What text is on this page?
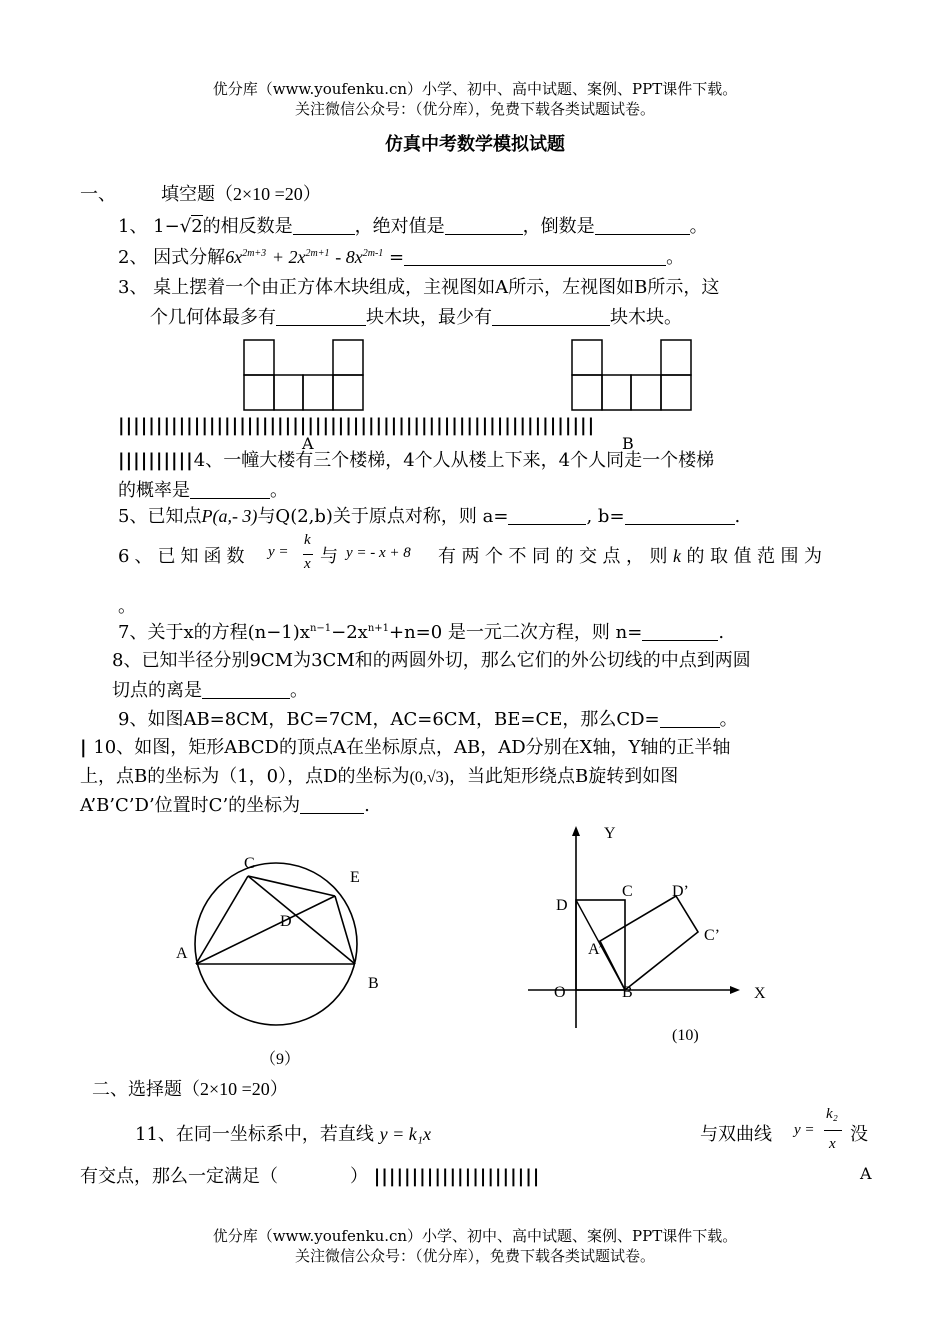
优分库（www.youfenku.cn）小学、初中、高中试题、案例、PPT课件下载。
关注微信公众号：（优分库），免费下载各类试题试卷。
仿真中考数学模拟试题
一、	填空题（2×10 =20）
1、 1−√2的相反数是	，绝对值是	，倒数是	。
2、 因式分解$6x^{2m+3} + 2x^{2m+1} - 8x^{2m-1}$ =	。
3、 桌上摆着一个由正方体木块组成，主视图如A所示，左视图如B所示，这
个几何体最多有	块木块，最少有	块木块。
A	B
|||||||||||||||||||||||||||||||||||||||||||||||||||||||||||||||
||||||||||4、一幢大楼有三个楼梯，4个人从楼上下来，4个人同走一个楼梯
的概率是	。
5、已知点P(a,- 3)与Q(2,b)关于原点对称，则 a=	, b=	.
6、已知函数 y =
k
x 与 y = - x + 8 有两个不同的交点，则k的取值范围为
。
7、关于x的方程$(n-1)x^{n-1}-2x^{n+1}+n=0$ 是一元二次方程，则 n=	.
8、已知半径分别9CM为3CM和的两圆外切，那么它们的外公切线的中点到两圆
切点的离是	。
9、如图AB=8CM，BC=7CM，AC=6CM，BE=CE，那么CD=	。
| 10、如图，矩形ABCD的顶点A在坐标原点，AB，AD分别在X轴，Y轴的正半轴
上，点B的坐标为（1，0），点D的坐标为(0,√3)，当此矩形绕点B旋转到如图
A’B’C’D’位置时C’的坐标为	.
C
E
D
A
B
（9）
Y
X
O	B
D
C D’
C’
A’
(10)
二、选择题（2×10 =20）
11、在同一坐标系中，若直线 y = k₁x	与双曲线 y =
k₂
x 没
有交点，那么一定满足（	） ||||||||||||||||||||||	A
优分库（www.youfenku.cn）小学、初中、高中试题、案例、PPT课件下载。
关注微信公众号：（优分库），免费下载各类试题试卷。
